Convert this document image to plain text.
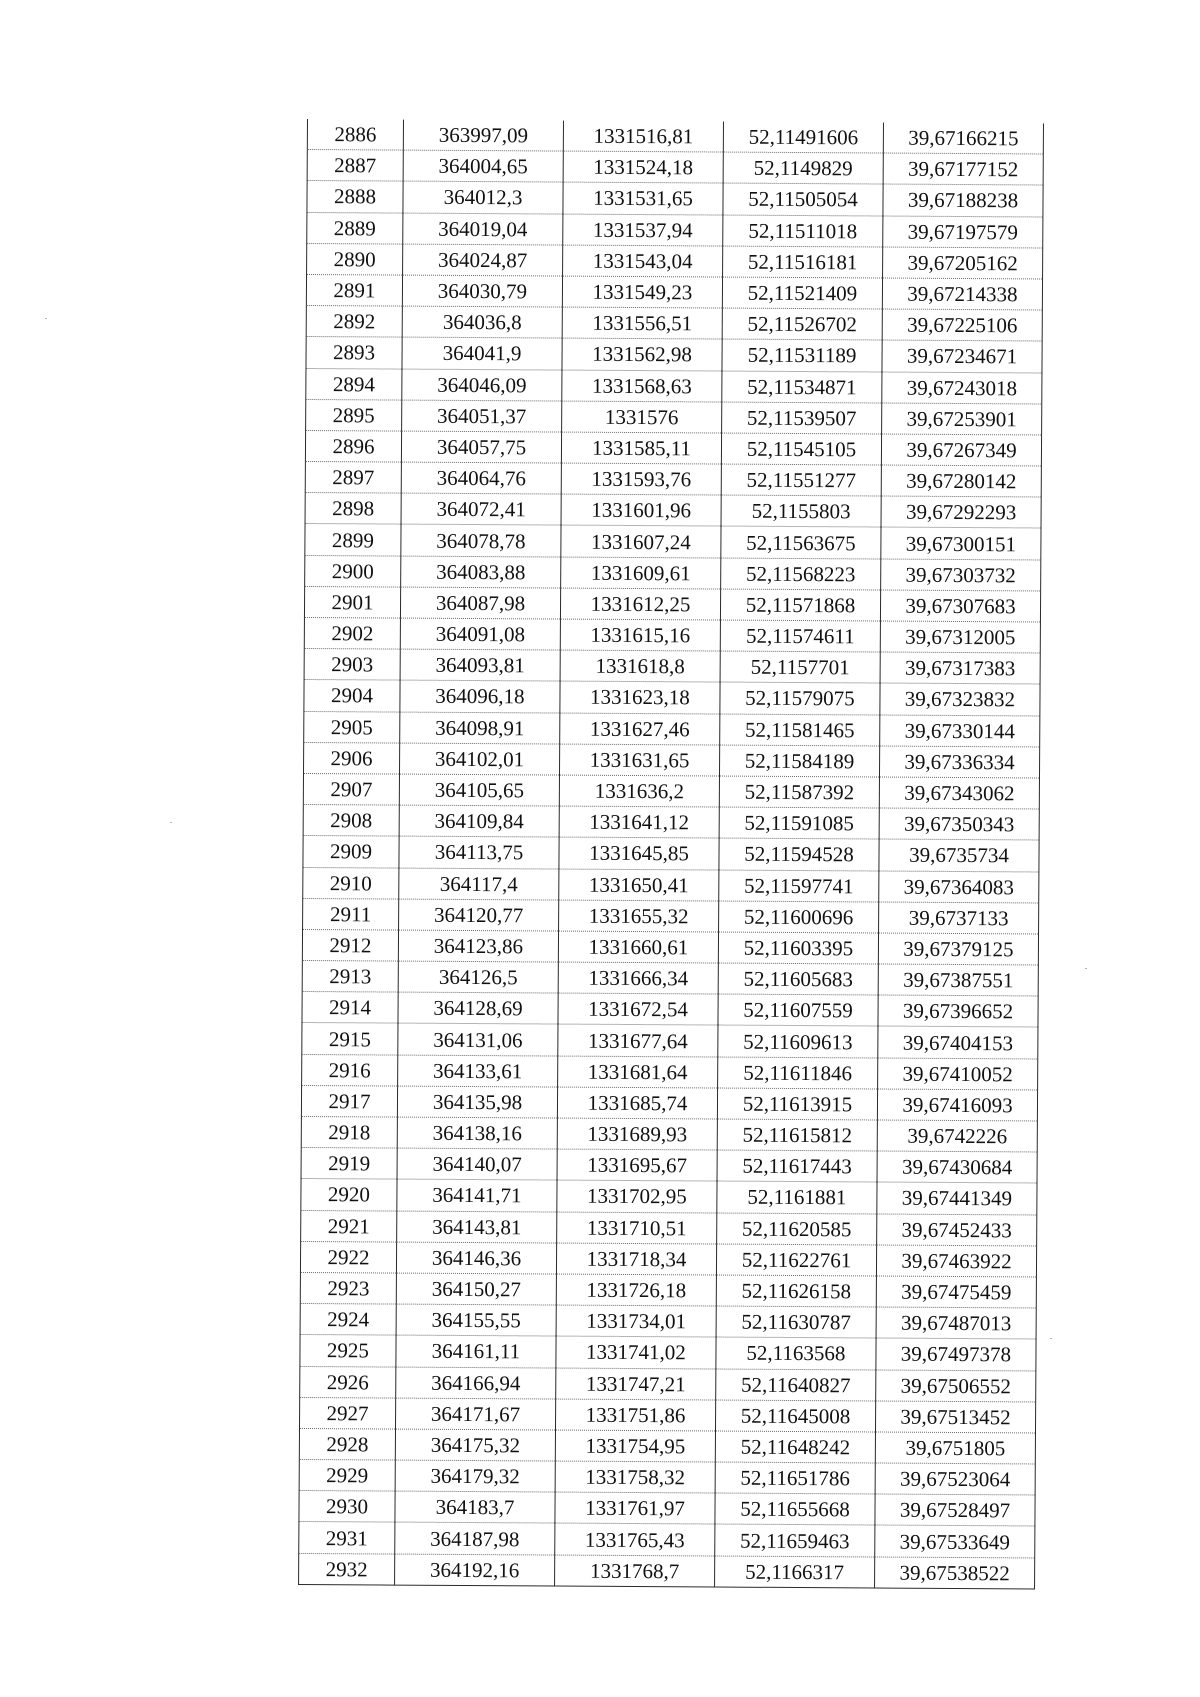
2886	363997,09	1331516,81	52,11491606	39,67166215
2887	364004,65	1331524,18	52,1149829	39,67177152
2888	364012,3	1331531,65	52,11505054	39,67188238
2889	364019,04	1331537,94	52,11511018	39,67197579
2890	364024,87	1331543,04	52,11516181	39,67205162
2891	364030,79	1331549,23	52,11521409	39,67214338
2892	364036,8	1331556,51	52,11526702	39,67225106
2893	364041,9	1331562,98	52,11531189	39,67234671
2894	364046,09	1331568,63	52,11534871	39,67243018
2895	364051,37	1331576	52,11539507	39,67253901
2896	364057,75	1331585,11	52,11545105	39,67267349
2897	364064,76	1331593,76	52,11551277	39,67280142
2898	364072,41	1331601,96	52,1155803	39,67292293
2899	364078,78	1331607,24	52,11563675	39,67300151
2900	364083,88	1331609,61	52,11568223	39,67303732
2901	364087,98	1331612,25	52,11571868	39,67307683
2902	364091,08	1331615,16	52,11574611	39,67312005
2903	364093,81	1331618,8	52,1157701	39,67317383
2904	364096,18	1331623,18	52,11579075	39,67323832
2905	364098,91	1331627,46	52,11581465	39,67330144
2906	364102,01	1331631,65	52,11584189	39,67336334
2907	364105,65	1331636,2	52,11587392	39,67343062
2908	364109,84	1331641,12	52,11591085	39,67350343
2909	364113,75	1331645,85	52,11594528	39,6735734
2910	364117,4	1331650,41	52,11597741	39,67364083
2911	364120,77	1331655,32	52,11600696	39,6737133
2912	364123,86	1331660,61	52,11603395	39,67379125
2913	364126,5	1331666,34	52,11605683	39,67387551
2914	364128,69	1331672,54	52,11607559	39,67396652
2915	364131,06	1331677,64	52,11609613	39,67404153
2916	364133,61	1331681,64	52,11611846	39,67410052
2917	364135,98	1331685,74	52,11613915	39,67416093
2918	364138,16	1331689,93	52,11615812	39,6742226
2919	364140,07	1331695,67	52,11617443	39,67430684
2920	364141,71	1331702,95	52,1161881	39,67441349
2921	364143,81	1331710,51	52,11620585	39,67452433
2922	364146,36	1331718,34	52,11622761	39,67463922
2923	364150,27	1331726,18	52,11626158	39,67475459
2924	364155,55	1331734,01	52,11630787	39,67487013
2925	364161,11	1331741,02	52,1163568	39,67497378
2926	364166,94	1331747,21	52,11640827	39,67506552
2927	364171,67	1331751,86	52,11645008	39,67513452
2928	364175,32	1331754,95	52,11648242	39,6751805
2929	364179,32	1331758,32	52,11651786	39,67523064
2930	364183,7	1331761,97	52,11655668	39,67528497
2931	364187,98	1331765,43	52,11659463	39,67533649
2932	364192,16	1331768,7	52,1166317	39,67538522
